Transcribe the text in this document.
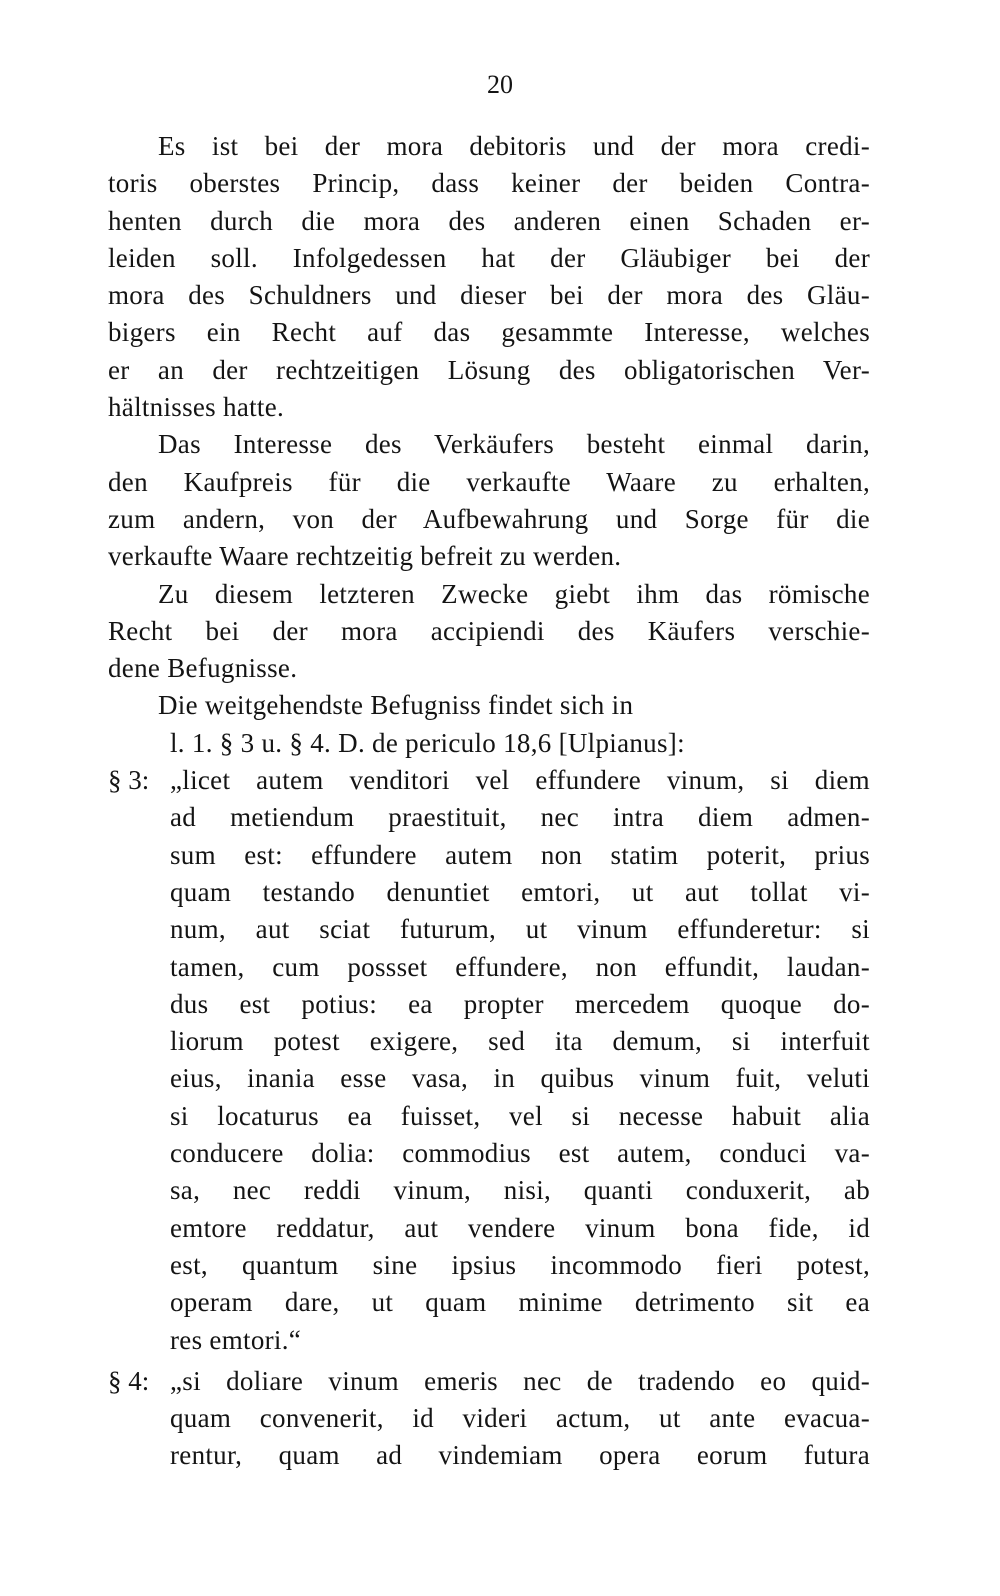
20
Es ist bei der mora debitoris und der mora credi-
toris oberstes Princip, dass keiner der beiden Contra-
henten durch die mora des anderen einen Schaden er-
leiden soll. Infolgedessen hat der Gläubiger bei der
mora des Schuldners und dieser bei der mora des Gläu-
bigers ein Recht auf das gesammte Interesse, welches
er an der rechtzeitigen Lösung des obligatorischen Ver-
hältnisses hatte.
Das Interesse des Verkäufers besteht einmal darin,
den Kaufpreis für die verkaufte Waare zu erhalten,
zum andern, von der Aufbewahrung und Sorge für die
verkaufte Waare rechtzeitig befreit zu werden.
Zu diesem letzteren Zwecke giebt ihm das römische
Recht bei der mora accipiendi des Käufers verschie-
dene Befugnisse.
Die weitgehendste Befugniss findet sich in
l. 1. § 3 u. § 4. D. de periculo 18,6 [Ulpianus]:
§ 3: „licet autem venditori vel effundere vinum, si diem
ad metiendum praestituit, nec intra diem admen-
sum est: effundere autem non statim poterit, prius
quam testando denuntiet emtori, ut aut tollat vi-
num, aut sciat futurum, ut vinum effunderetur: si
tamen, cum possset effundere, non effundit, laudan-
dus est potius: ea propter mercedem quoque do-
liorum potest exigere, sed ita demum, si interfuit
eius, inania esse vasa, in quibus vinum fuit, veluti
si locaturus ea fuisset, vel si necesse habuit alia
conducere dolia: commodius est autem, conduci va-
sa, nec reddi vinum, nisi, quanti conduxerit, ab
emtore reddatur, aut vendere vinum bona fide, id
est, quantum sine ipsius incommodo fieri potest,
operam dare, ut quam minime detrimento sit ea
res emtori.“
§ 4: „si doliare vinum emeris nec de tradendo eo quid-
quam convenerit, id videri actum, ut ante evacua-
rentur, quam ad vindemiam opera eorum futura
